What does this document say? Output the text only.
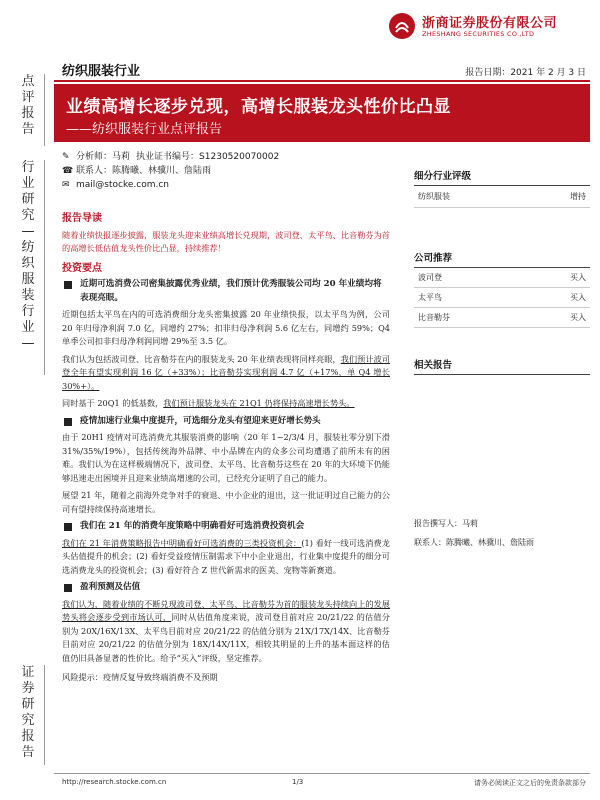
浙商证券股份有限公司
ZHESHANG SECURITIES CO.,LTD
纺织服装行业	报告日期：2021 年 2 月 3 日
业绩高增长逐步兑现，高增长服装龙头性价比凸显
——纺织服装行业点评报告
点评报告
行业研究—纺织服装行业—
证券研究报告
✎ 分析师： 马莉 执业证书编号： S1230520070002
☎ 联系人： 陈腾曦、林骥川、詹陆雨
✉ mail@stocke.com.cn
报告导读
随着业绩快报逐步披露，服装龙头迎来业绩高增长兑现期，波司登、太平鸟、比音勒芬为首的高增长低估值龙头性价比凸显，持续推荐！
投资要点
近期可选消费公司密集披露优秀业绩，我们预计优秀服装公司均 20 年业绩均将表现亮眼。
近期包括太平鸟在内的可选消费细分龙头密集披露 20 年业绩快报，以太平鸟为例，公司 20 年归母净利润 7.0 亿，同增约 27%；扣非归母净利润 5.6 亿左右，同增约 59%；Q4 单季公司扣非归母净利润同增 29%至 3.5 亿。
我们认为包括波司登、比音勒芬在内的服装龙头 20 年业绩表现将同样亮眼，我们预计波司登全年有望实现利润 16 亿（+33%）；比音勒芬实现利润 4.7 亿（+17%，单 Q4 增长 30%+）。
同时基于 20Q1 的低基数，我们预计服装龙头在 21Q1 仍将保持高速增长势头。
疫情加速行业集中度提升，可选细分龙头有望迎来更好增长势头
由于 20H1 疫情对可选消费尤其服装消费的影响（20 年 1~2/3/4 月，服装社零分别下滑 31%/35%/19%），包括传统海外品牌、中小品牌在内的众多公司均遭遇了前所未有的困难。我们认为在这样极端情况下，波司登、太平鸟、比音勒芬这些在 20 年的大环境下仍能够迅速走出困境并且迎来业绩高增速的公司，已经充分证明了自己的能力。
展望 21 年，随着之前海外竞争对手的衰退、中小企业的退出，这一批证明过自己能力的公司有望持续保持高速增长。
我们在 21 年的消费年度策略中明确看好可选消费投资机会
我们在 21 年消费策略报告中明确看好可选消费的三类投资机会：(1) 看好一线可选消费龙头估值提升的机会；(2) 看好受益疫情压制需求下中小企业退出，行业集中度提升的细分可选消费龙头的投资机会；(3) 看好符合 Z 世代新需求的医美、宠物等新赛道。
盈利预测及估值
我们认为，随着业绩的不断兑现波司登、太平鸟、比音勒芬为首的服装龙头持续向上的发展势头将会逐步受到市场认可，同时从估值角度来说，波司登目前对应 20/21/22 的估值分别为 20X/16X/13X、太平鸟目前对应 20/21/22 的估值分别为 21X/17X/14X、比音勒芬目前对应 20/21/22 的估值分别为 18X/14X/11X，相较其明显的上升的基本面这样的估值仍旧具备显著的性价比。给予“买入”评级，坚定推荐。
风险提示：疫情反复导致终端消费不及预期
细分行业评级
纺织服装	增持
公司推荐
波司登	买入
太平鸟	买入
比音勒芬	买入
相关报告
报告撰写人：马莉
联系人：陈腾曦、林骥川、詹陆雨
http://research.stocke.com.cn	1/3	请务必阅读正文之后的免责条款部分
